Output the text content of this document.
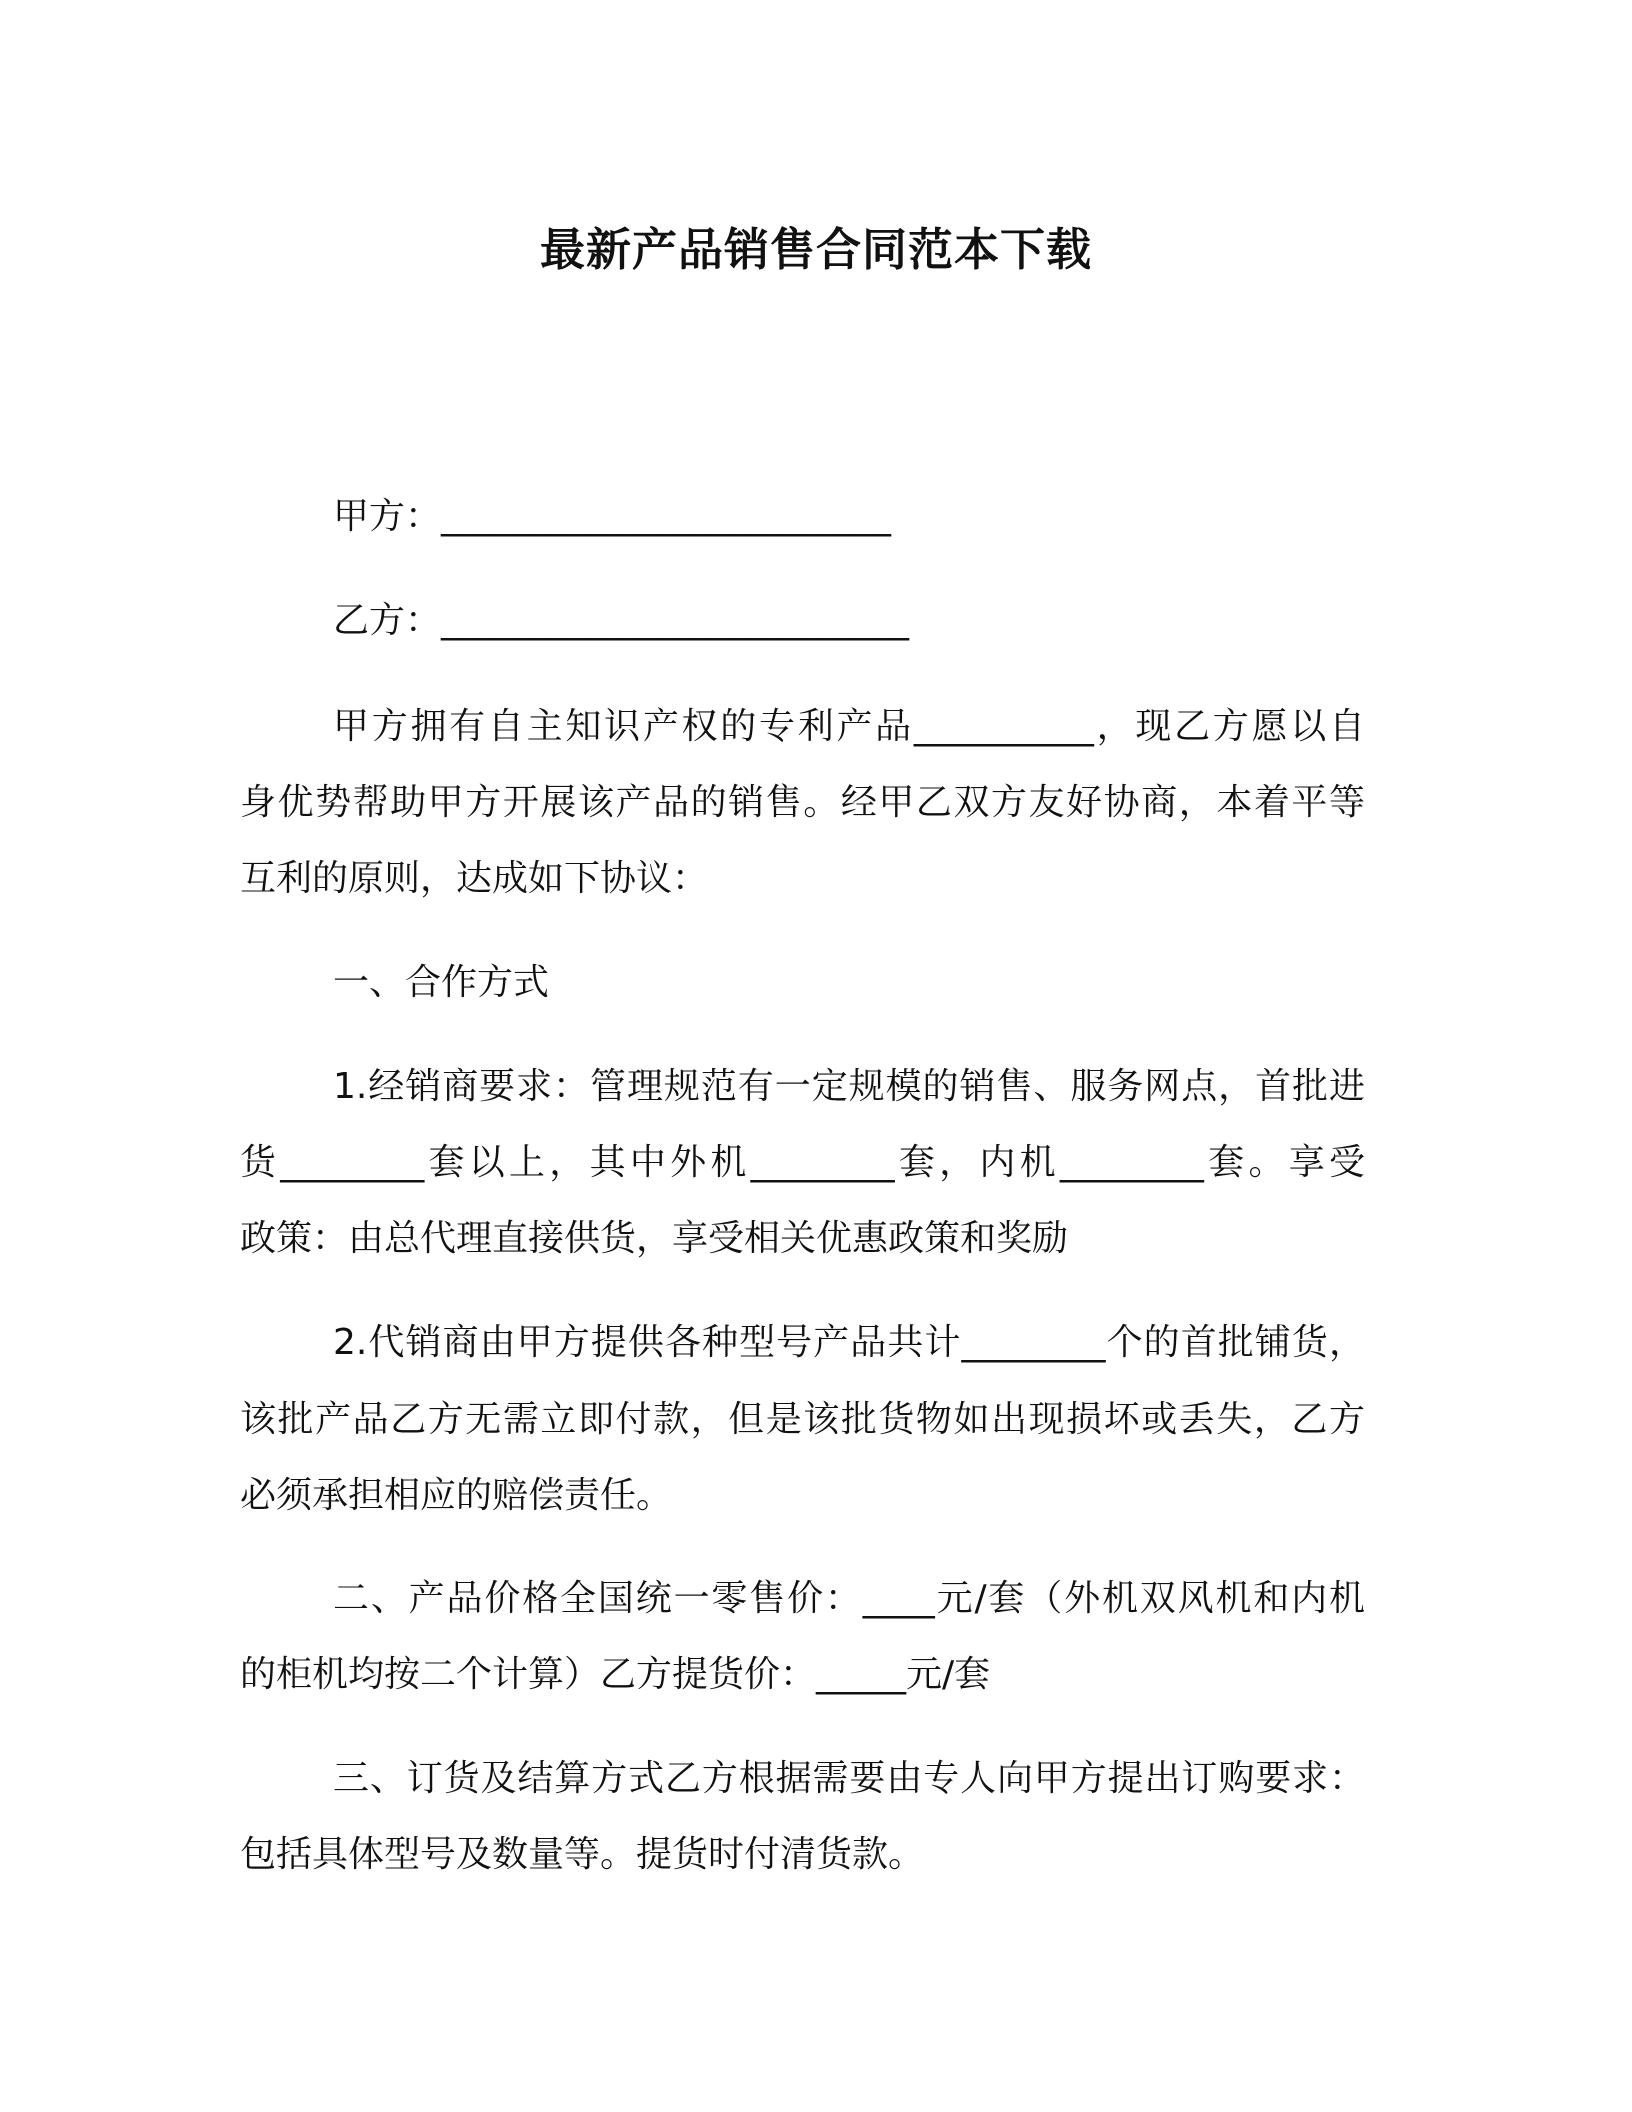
最新产品销售合同范本下载
甲方：_________________________
乙方：__________________________
甲方拥有自主知识产权的专利产品__________，现乙方愿以自
身优势帮助甲方开展该产品的销售。经甲乙双方友好协商，本着平等
互利的原则，达成如下协议：
一、合作方式
1.经销商要求：管理规范有一定规模的销售、服务网点，首批进
货________套以上，其中外机________套，内机________套。享受
政策：由总代理直接供货，享受相关优惠政策和奖励
2.代销商由甲方提供各种型号产品共计________个的首批铺货，
该批产品乙方无需立即付款，但是该批货物如出现损坏或丢失，乙方
必须承担相应的赔偿责任。
二、产品价格全国统一零售价：____元/套（外机双风机和内机
的柜机均按二个计算）乙方提货价：_____元/套
三、订货及结算方式乙方根据需要由专人向甲方提出订购要求：
包括具体型号及数量等。提货时付清货款。
